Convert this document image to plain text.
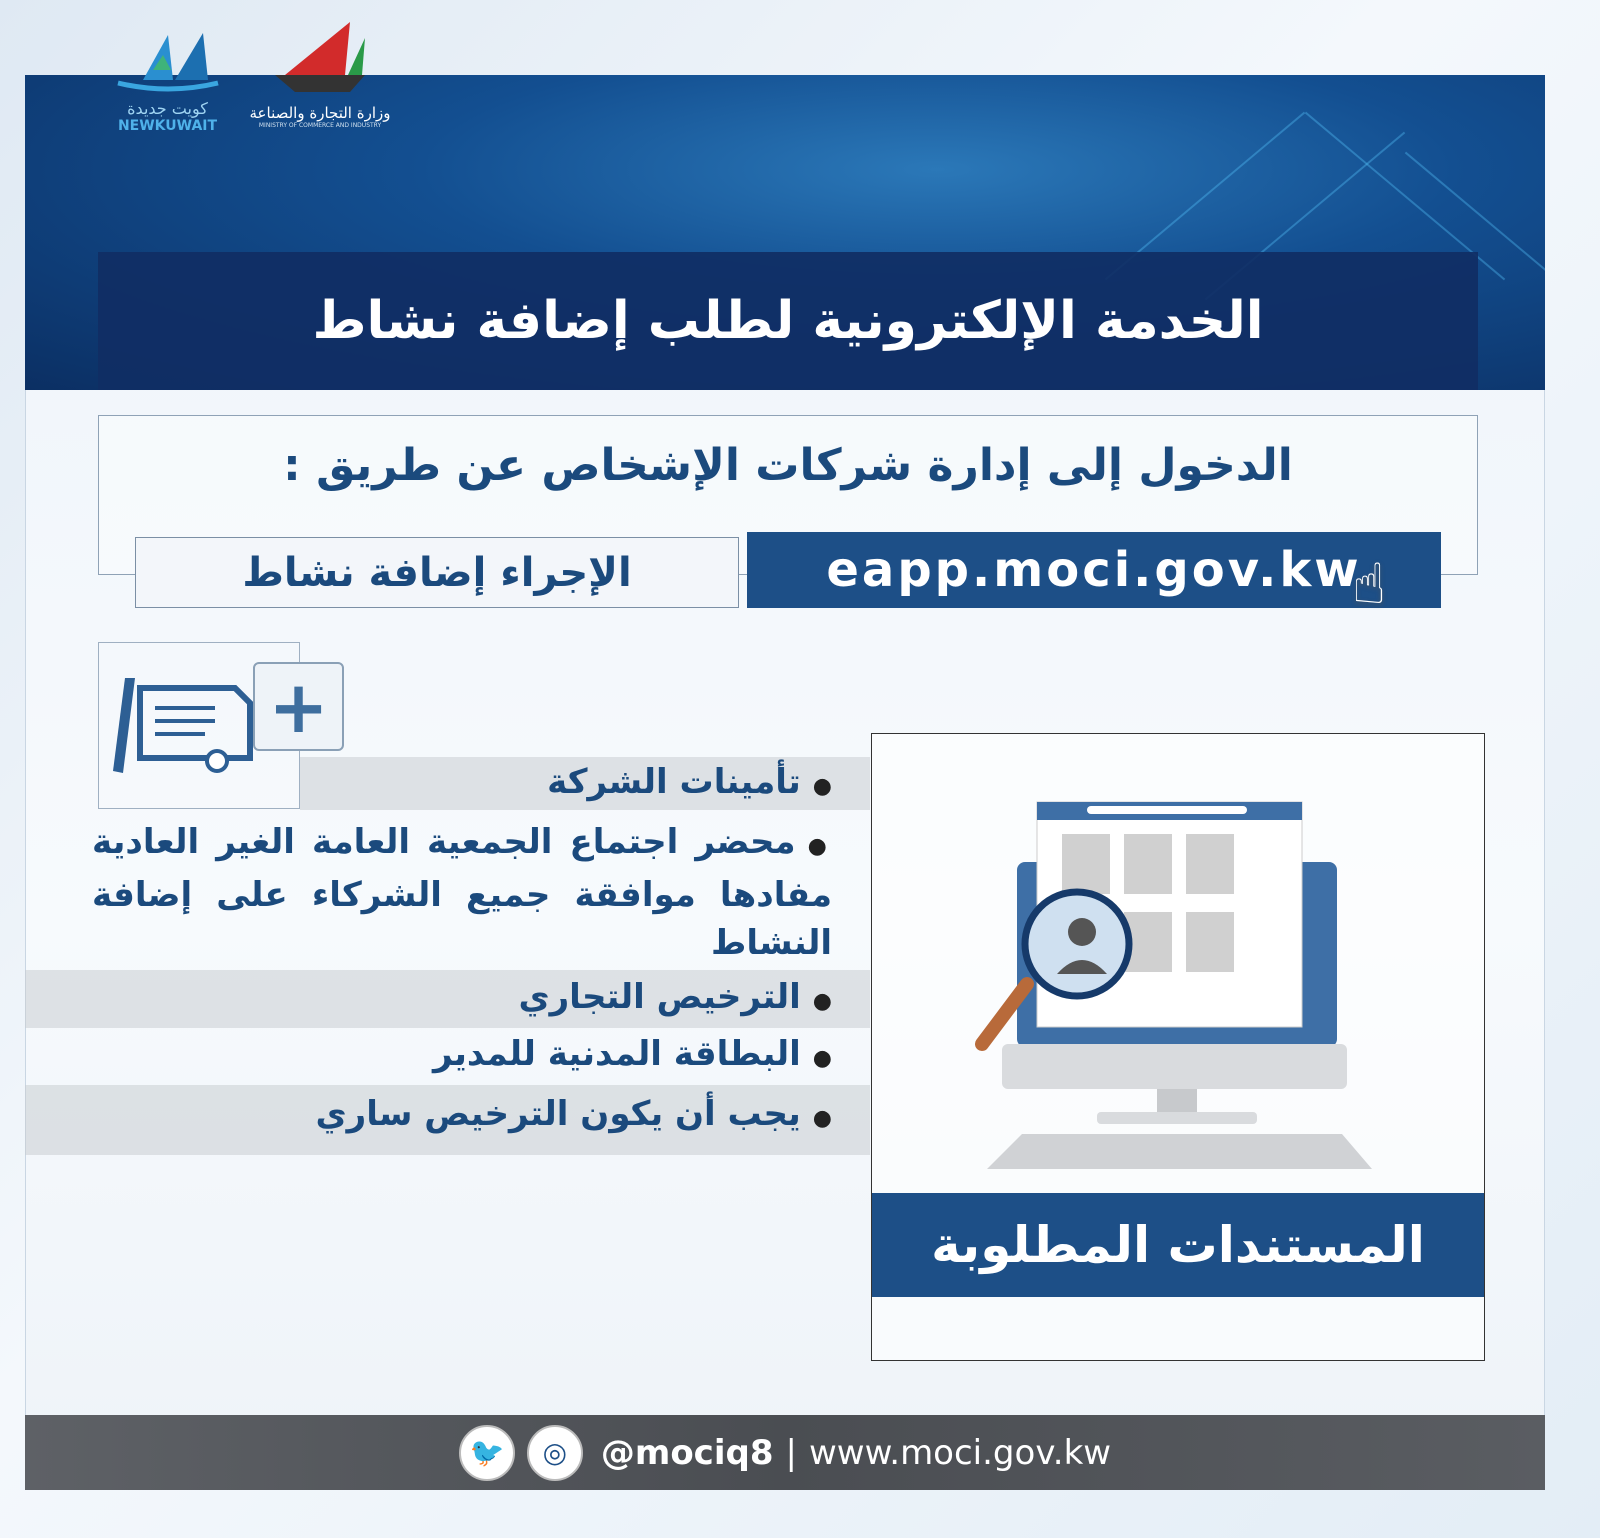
كويت جديدة
NEWKUWAIT
وزارة التجارة والصناعة
MINISTRY OF COMMERCE AND INDUSTRY
الخدمة الإلكترونية لطلب إضافة نشاط
الدخول إلى إدارة شركات الإشخاص عن طريق :
الإجراء إضافة نشاط	eapp.moci.gov.kw
☝
+
●تأمينات الشركة
●محضر اجتماع الجمعية العامة الغير العادية مفادها موافقة جميع الشركاء على إضافة النشاط
●الترخيص التجاري
●البطاقة المدنية للمدير
●يجب أن يكون الترخيص ساري
المستندات المطلوبة
🐦	◎ @mociq8 | www.moci.gov.kw
